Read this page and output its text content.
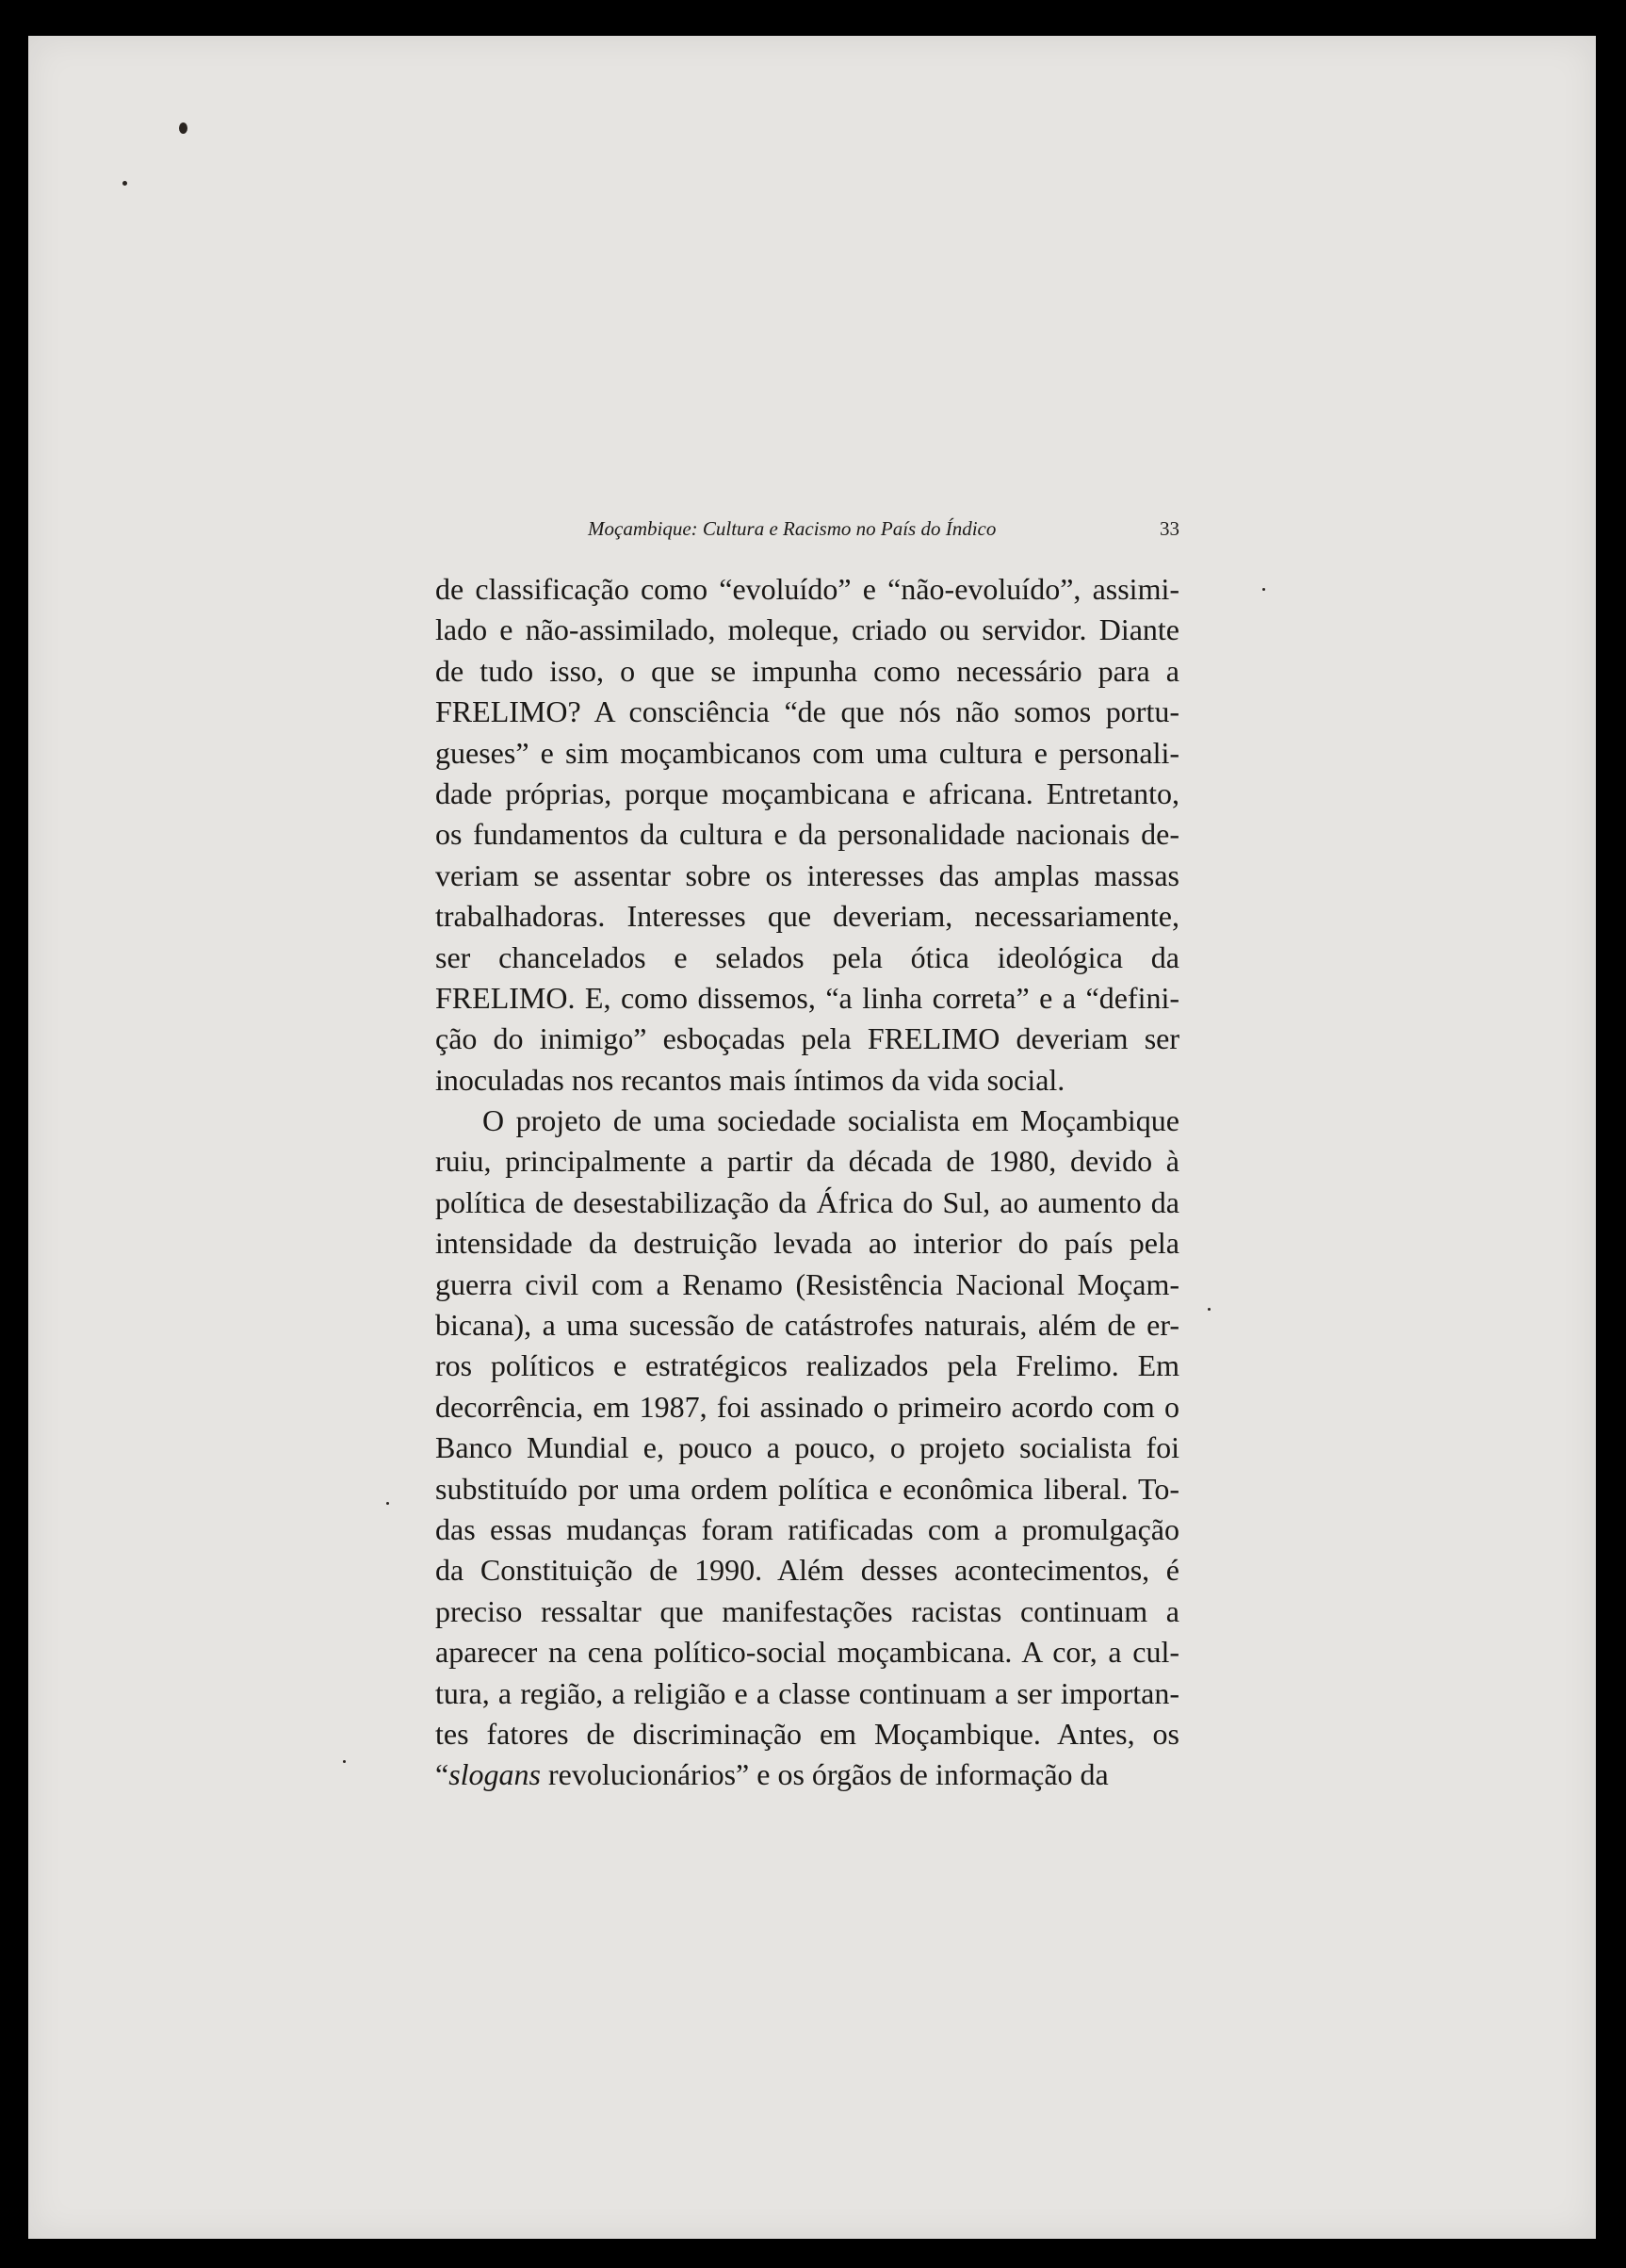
Moçambique: Cultura e Racismo no País do Índico	33
de classificação como “evoluído” e “não-evoluído”, assimi-
lado e não-assimilado, moleque, criado ou servidor. Diante
de tudo isso, o que se impunha como necessário para a
FRELIMO? A consciência “de que nós não somos portu-
gueses” e sim moçambicanos com uma cultura e personali-
dade próprias, porque moçambicana e africana. Entretanto,
os fundamentos da cultura e da personalidade nacionais de-
veriam se assentar sobre os interesses das amplas massas
trabalhadoras. Interesses que deveriam, necessariamente,
ser chancelados e selados pela ótica ideológica da
FRELIMO. E, como dissemos, “a linha correta” e a “defini-
ção do inimigo” esboçadas pela FRELIMO deveriam ser
inoculadas nos recantos mais íntimos da vida social.
O projeto de uma sociedade socialista em Moçambique
ruiu, principalmente a partir da década de 1980, devido à
política de desestabilização da África do Sul, ao aumento da
intensidade da destruição levada ao interior do país pela
guerra civil com a Renamo (Resistência Nacional Moçam-
bicana), a uma sucessão de catástrofes naturais, além de er-
ros políticos e estratégicos realizados pela Frelimo. Em
decorrência, em 1987, foi assinado o primeiro acordo com o
Banco Mundial e, pouco a pouco, o projeto socialista foi
substituído por uma ordem política e econômica liberal. To-
das essas mudanças foram ratificadas com a promulgação
da Constituição de 1990. Além desses acontecimentos, é
preciso ressaltar que manifestações racistas continuam a
aparecer na cena político-social moçambicana. A cor, a cul-
tura, a região, a religião e a classe continuam a ser importan-
tes fatores de discriminação em Moçambique. Antes, os
“slogans revolucionários” e os órgãos de informação da
